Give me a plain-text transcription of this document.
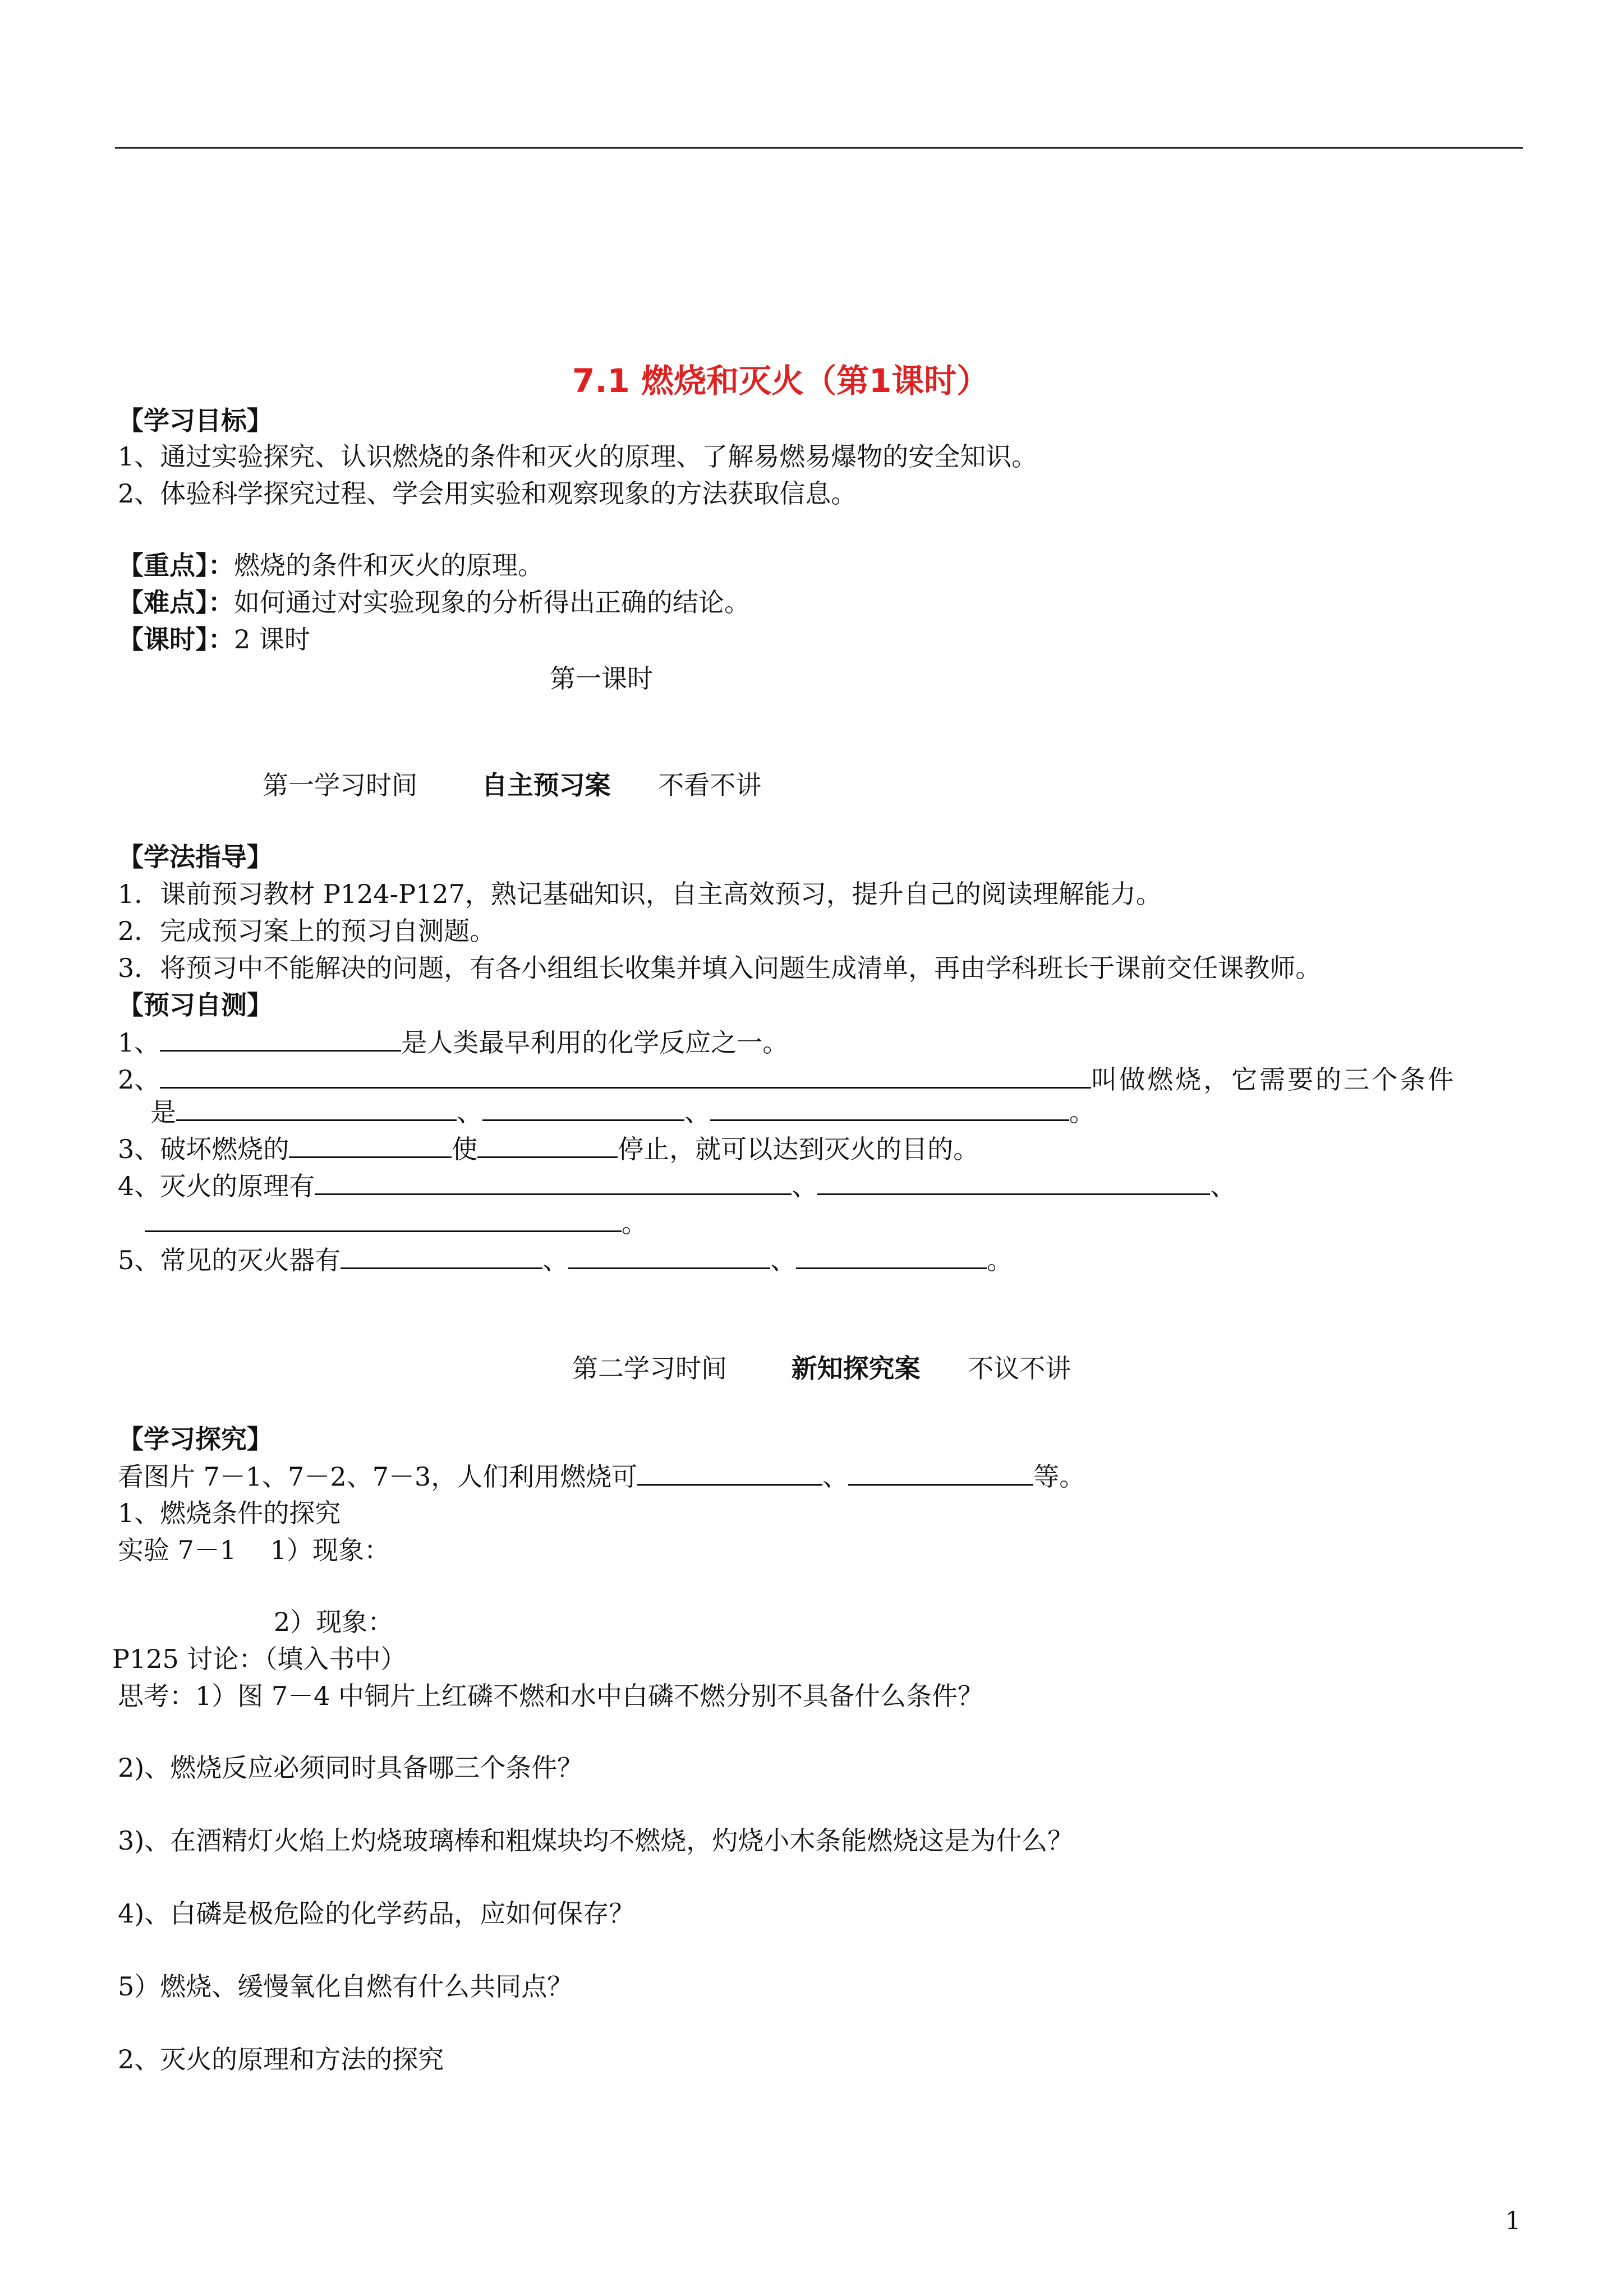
7.1 燃烧和灭火（第1课时）
【学习目标】
1、通过实验探究、认识燃烧的条件和灭火的原理、了解易燃易爆物的安全知识。
2、体验科学探究过程、学会用实验和观察现象的方法获取信息。
【重点】：燃烧的条件和灭火的原理。
【难点】：如何通过对实验现象的分析得出正确的结论。
【课时】：2 课时
第一课时
第一学习时间 自主预习案 不看不讲
【学法指导】
1．课前预习教材 P124-P127，熟记基础知识，自主高效预习，提升自己的阅读理解能力。
2．完成预习案上的预习自测题。
3．将预习中不能解决的问题，有各小组组长收集并填入问题生成清单，再由学科班长于课前交任课教师。
【预习自测】
1、	是人类最早利用的化学反应之一。
2、	叫做燃烧，它需要的三个条件
是	、	、	。
3、破坏燃烧的	使	停止，就可以达到灭火的目的。
4、灭火的原理有	、	、
。
5、常见的灭火器有	、	、	。
第二学习时间 新知探究案 不议不讲
【学习探究】
看图片 7－1、7－2、7－3，人们利用燃烧可	、	等。
1、燃烧条件的探究
实验 7－1　 1）现象：
2）现象：
P125 讨论：（填入书中）
思考：1）图 7－4 中铜片上红磷不燃和水中白磷不燃分别不具备什么条件？
2)、燃烧反应必须同时具备哪三个条件？
3)、在酒精灯火焰上灼烧玻璃棒和粗煤块均不燃烧，灼烧小木条能燃烧这是为什么？
4)、白磷是极危险的化学药品，应如何保存？
5）燃烧、缓慢氧化自燃有什么共同点？
2、灭火的原理和方法的探究
1
